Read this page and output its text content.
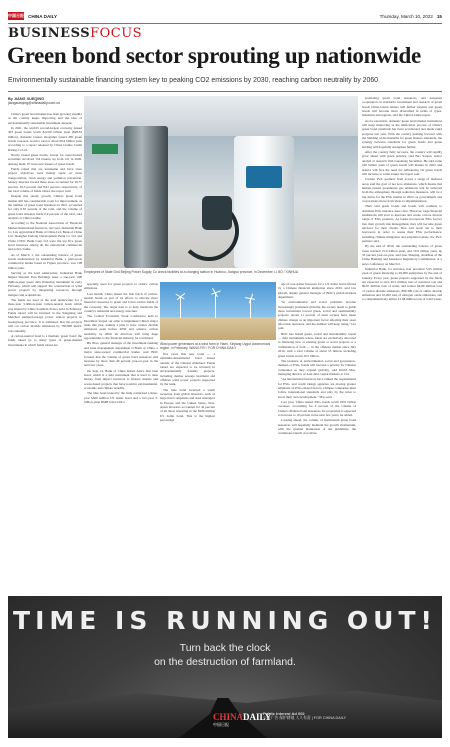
中国日报 CHINA DAILY	Thursday, March 10, 2022 15
BUSINESSFOCUS
Green bond sector sprouting up nationwide
Environmentally sustainable financing system key to peaking CO2 emissions by 2030, reaching carbon neutrality by 2060
By JIANG XUEQING
jiangxueqing@chinadaily.com.cn

China's green bond market has been growing steadily as the country keeps improving and the idea of environmentally sustainable investment deepens.

In 2021, the world's second-largest economy issued 303 green bonds worth 622.96 billion yuan ($98.63 billion), domestic issuers altogether issued 485 green bonds overseas, worth a total of about 68.4 billion yuan according to a report released by China Lianhe Credit Rating Co Ltd.

Newly issued green bonds, except for asset-backed securities, involved 154 issuers, up from 121 in 2020. Among them, 97 were new issuers of green bonds.

Funds raised that are ustainable and have clear project objectives were mainly spent on clean transportation, clean energy and pollution prevention. Money directed toward these areas accounted for 26.57 percent, 18.5 percent and 8.61 percent, respectively, of the total volume of funds raised, the report said.

Despite this steady growth, China's green bond market still has considerable room for improvement, as the number of green bond issuances in 2021 accounted for only 0.81 percent of the total, and the volume of green bond issuance made 0.9 percent of the total, said analysts at China Lianhe.

According to the National Association of Financial Market Institutional Investors, last year, Industrial Bank Co Ltd, Agricultural Bank of China Ltd, Bank of China Ltd, Shanghai Pudong Development Bank Co Ltd and China CITIC Bank Corp Ltd were the top five green bond investors among all the nationwide commercial and policy banks.

As of March 1, the outstanding balance of green bonds underwritten by Industrial Bank, a joint-stock commercial lender based in Fujian province, was 108 billion yuan.

Serving as the lead underwriter, Industrial Bank helped Shaanxi Tian Holdings issue a one-year, 200 million-yuan green debt financing instrument in early February, which will support the construction of wind power projects by integrating resources through mergers and acquisitions.

The funds are used as the lead underwriter for a three-year 3-billion-yuan carbon-neutral bond, which was issued by China Southern Power Grid in February. Funds raised will be invested in the Yangjiang and Meizhou pumped-storage power station projects in Guangdong province. It is estimated that the projects will cut carbon dioxide emissions by 782,800 metric tons annually.

A carbon-neutral bond is a thematic green bond: the funds raised go to many types of green-themed investments in which funds raised are

Employees of State Grid Beijing Power Supply Co check facilities at a charging station in Huairou, Jiangsu province, in December. LI BO / XINHUA

specially used for green projects to reduce carbon emissions.

Last month, China issued the first batch of carbon-neutral bonds as part of its efforts to allocate more financial resources to green and lower-carbon fields of the economy. The target date is to help transform the country's industrial and energy structure.

The Central Economic Work Conference held in December forged our aims to implement China's major tasks this year, namely a plan to have carbon dioxide emissions peak before 2030 and achieve carbon neutrality by 2060. Its directors will bring huge opportunities to the financial industry, he concluded.

Hu Xiao, general manager of the investment banking and asset management department at Bank of China, a major state-owned commercial lender, said BOC focused that the volume of green bond issuances will increase by more than 40 percent year-on-year in the next few years.

On Sept 14, Bank of China issued Asia's first blue bond, which is a debt instrument that is used to raise money from impact investors to finance marine and ocean-based projects that have positive environmental, economic and climate benefits.

The blue bond issued by the bank comprised a three-year $500 million US dollar bond and a two-year 3-billion-yuan RMB bond with a

Wind power generators at a wind farm in Hami, Xinjiang Uygur autonomous region, in February. WANG FEI / FOR CHINA DAILY

five years this new bond — a renminbi-denominated bond issued outside of the Chinese mainland. Funds raised are expected to be invested in environmentally friendly projects, including marine sewage treatment and offshore wind power projects supported by the bank.

The blue bond received a warm reception from global investors, such as large fund companies and asset managers in Europe and the United States, Non-Asian investors accounted for 42 percent of all those investing in the $500 million US dollar bond. This is the highest percentage

age of non-Asian investors for a US dollar bond offered by a Chinese financial institution since 2016, said Liu Qiaodi, deputy general manager of BOC's global markets department.

"In environmental and social problems become increasingly prominent globally, the society needs to guide more investment toward green, social and sustainability projects. About 11 percent of asset owners have taken climate change as an important factor affecting their asset allocation decisions, and the number will keep rising," Liu said.

BOC has issued green, social and sustainability bonds — debt instruments whose funds are exclusively allocated to financing new or existing green or social projects or a combination of both — in the offshore market since July 2016, with a total volume of about 55 billion, including green bonds worth 19.5 billion.

The issuance of environmental, social and governance-themed, or ESG, bonds will become a priority for Chinese companies as they expand globally, said David Mao, managing director of Asia debt capital markets at Citi.

"As international investors have ranked the requirements for ESG, and credit ratings agencies are placing greater emphasis on ESG-related factors, Chinese companies must follow international standards and play by the rules to boost their own development," Mao said.

Last year, China issued ESG bonds worth 69.9 billion overseas, accounting for 4 percent of the volume of China's offshore bond issuances. Its proportion is expected to increase to 10 percent in the next few years, he added.

Looking ahead, the volume of mainstream green bond issuances will hopefully maintain the growth momentum, with the gradual maturation of the guidelines, the continuous launch of policies

promoting green bond issuances, and deepened cooperation on standards, investment and research of green bonds China-bound issuers will further expand, and green bonds will become more diversified in terms of types, industries and regions, said the China Lianhe report.

As for execution, domestic green bond market institutions will keep improving as the unification process of China's green bond standards has been accelerated and made rapid progress last year. With the country pushing forward with the building of mechanisms for green finance standards, the synergy between standards for green bonds and green lending will hopefully strengthen further.

After the country fully recovers, the country will rapidly grow ahead with green policies, said Bao Yaojun, senior analyst at research firm Guosheng Securities. He said some 100 billion yuan of green bonds will mature in 2022 and issuers will face the need for refinancing via green bonds will increase to some extent, the report said.

Current PwC partners from across a range of business areas said the goal of net zero emissions, which means that human-caused greenhouse gas emissions will be removed from the atmosphere through reduction measures, will be a big driver for the ESG market in 2022, as governments and corporations move from ideas to implementation.

Their said green bonds and bonds will continue to dominate ESG issuance asset class. However, large financial institutions will start to innovate and create a more diverse range of ESG products. As banks incorporate ESG factors into their growth risk management, they will become green advisors for their clients. That will reach out to their borrowers in order to assess their ESG performance, including climate mitigation and adaptation plans, the PwC partners said.

By the end of 2020, the outstanding balance of green loans reached 15.9 trillion yuan, and 10.9 trillion yuan, up 33 percent year-on-year, said Guo Shuqing, chairman of the China Banking and Insurance Regulatory Commission, at a news conference on March 2.

Industrial Bank, for instance, had provided 5.95 trillion yuan of green financing to 29,000 enterprises by the end of January. Every year, green projects supported by the funds are expected to save 30.5 million tons of standard coal and 80.97 million tons of water, and reduce 84.89 million tons of carbon dioxide emissions, 899,300 tons of sulfur dioxide emissions and 10,200 tons of nitrogen oxide emissions, and to comprehensively utilize 41.08 million tons of solid waste.

TIME IS RUNNING OUT!
Turn back the clock
on the destruction of farmland.
CHINADAILY
中国日报
Public Interest Ad 002
公益广告 保护耕地 人人有责 | FOR CHINA DAILY
